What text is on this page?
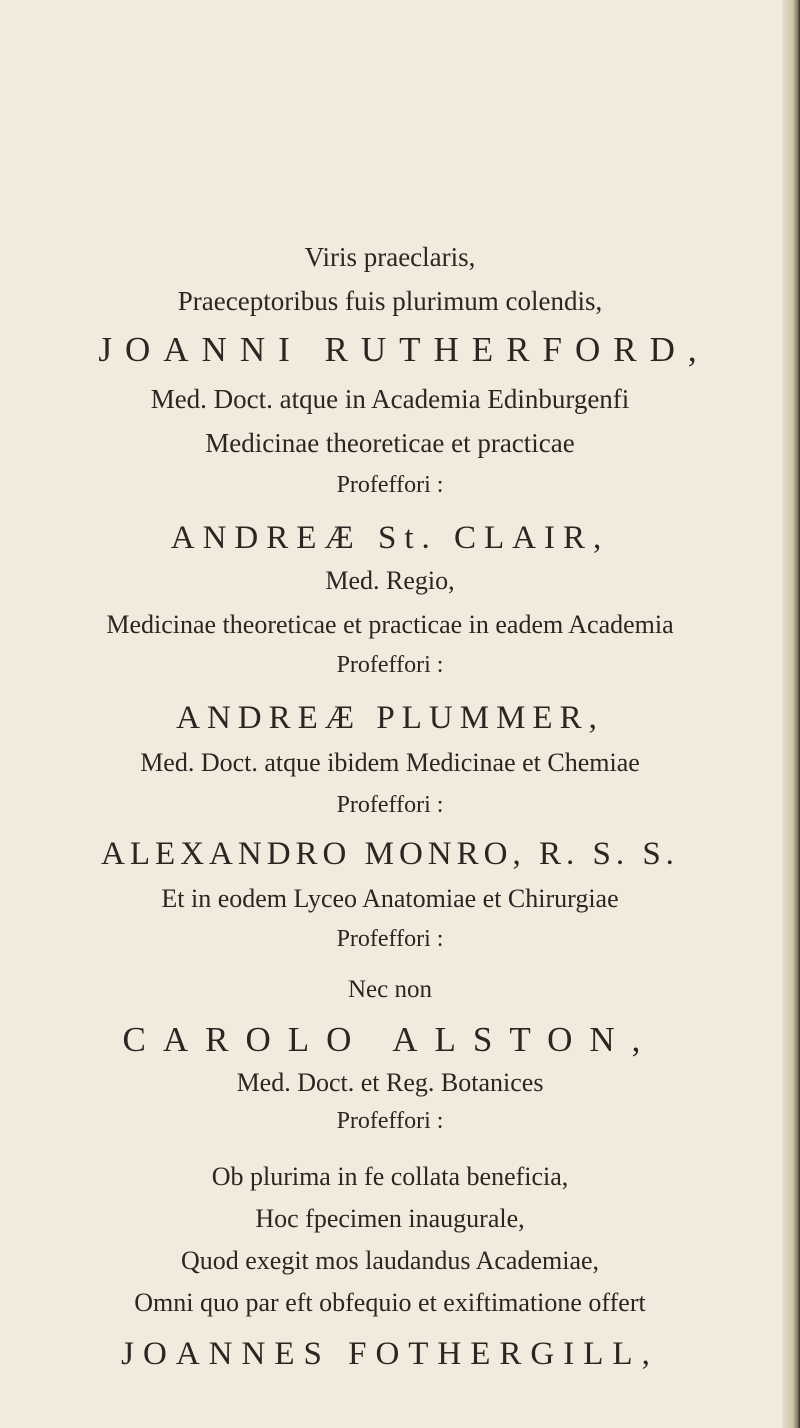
Viris praeclaris,
Praeceptoribus fuis plurimum colendis,
JOANNI RUTHERFORD,
Med. Doct. atque in Academia Edinburgenfi
Medicinae theoreticae et practicae
Profeffori :
ANDREÆ St. CLAIR,
Med. Regio,
Medicinae theoreticae et practicae in eadem Academia
Profeffori :
ANDREÆ PLUMMER,
Med. Doct. atque ibidem Medicinae et Chemiae
Profeffori :
ALEXANDRO MONRO, R. S. S.
Et in eodem Lyceo Anatomiae et Chirurgiae
Profeffori :
Nec non
CAROLO ALSTON,
Med. Doct. et Reg. Botanices
Profeffori :
Ob plurima in fe collata beneficia,
Hoc fpecimen inaugurale,
Quod exegit mos laudandus Academiae,
Omni quo par eft obfequio et exiftimatione offert
JOANNES FOTHERGILL,
